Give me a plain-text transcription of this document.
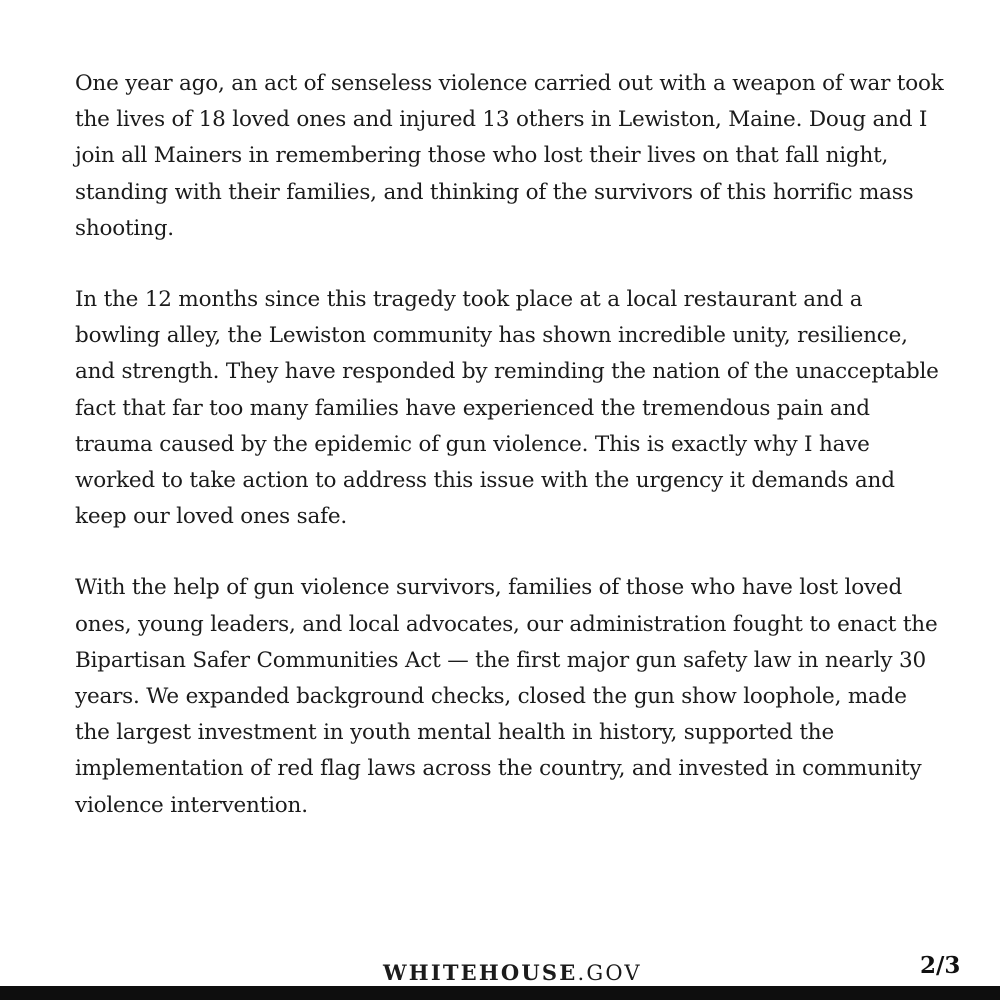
One year ago, an act of senseless violence carried out with a weapon of war took the lives of 18 loved ones and injured 13 others in Lewiston, Maine. Doug and I join all Mainers in remembering those who lost their lives on that fall night, standing with their families, and thinking of the survivors of this horrific mass shooting.

In the 12 months since this tragedy took place at a local restaurant and a bowling alley, the Lewiston community has shown incredible unity, resilience, and strength. They have responded by reminding the nation of the unacceptable fact that far too many families have experienced the tremendous pain and trauma caused by the epidemic of gun violence. This is exactly why I have worked to take action to address this issue with the urgency it demands and keep our loved ones safe.

With the help of gun violence survivors, families of those who have lost loved ones, young leaders, and local advocates, our administration fought to enact the Bipartisan Safer Communities Act — the first major gun safety law in nearly 30 years. We expanded background checks, closed the gun show loophole, made the largest investment in youth mental health in history, supported the implementation of red flag laws across the country, and invested in community violence intervention.

WHITEHOUSE.GOV	2/3
